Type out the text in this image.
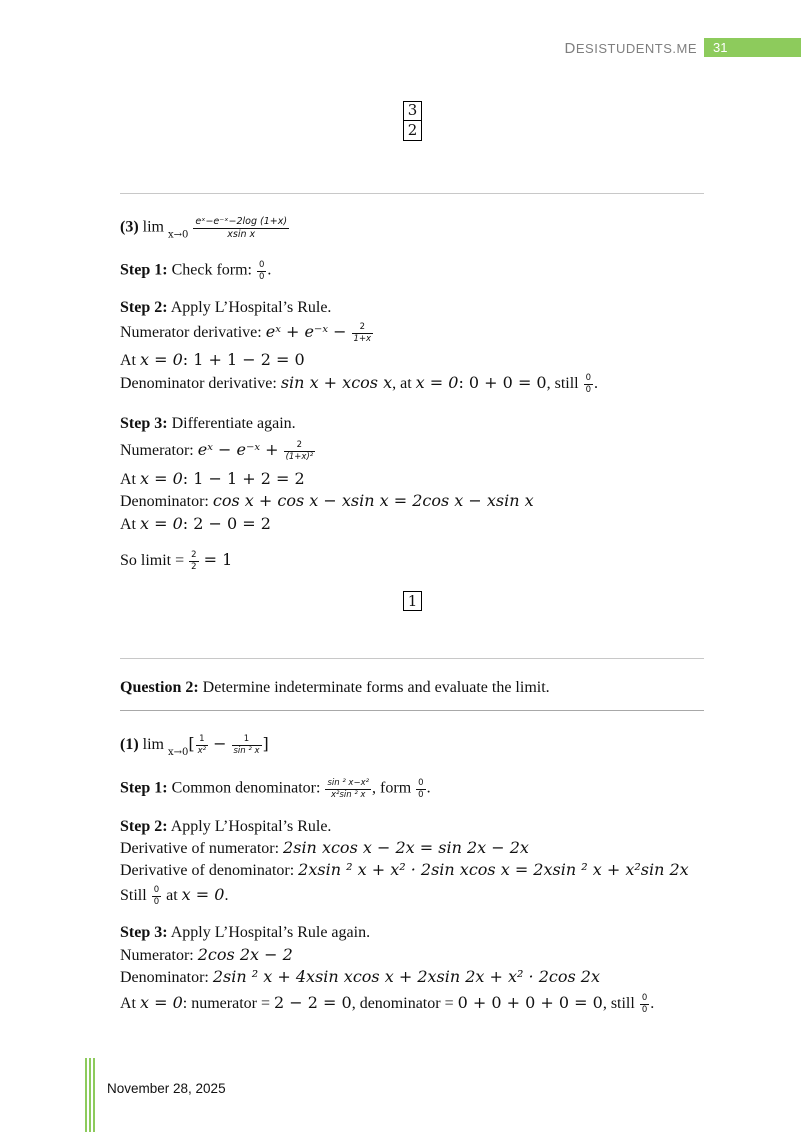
DESISTUDENTS.ME	31
$\frac{3}{2}$
(3) $\lim _{x\to 0} \frac{\text{eˣ−e⁻ˣ−2log (1+x)}}{\text{xsin x}}$
Step 1: Check form: $\frac{0}{0}$ .
Step 2: Apply L’Hospital’s Rule.
Numerator derivative: eˣ + e⁻ˣ − $\frac{2}{1+x}$
At x = 0: 1 + 1 − 2 = 0
Denominator derivative: sin x + xcos x, at x = 0: 0 + 0 = 0, still $\frac{0}{0}$ .
Step 3: Differentiate again.
Numerator: eˣ − e⁻ˣ + $\frac{2}{\text{(1+x)²}}$
At x = 0: 1 − 1 + 2 = 2
Denominator: cos x + cos x − xsin x = 2cos x − xsin x
At x = 0: 2 − 0 = 2
So limit = $\frac{2}{2} = 1$
1
Question 2: Determine indeterminate forms and evaluate the limit.
(1) $\lim _{x\to 0}[ \frac{1}{\text{x²}} - \frac{1}{\text{sin ² x}}$ ]
Step 1: Common denominator: $\frac{\text{sin ² x−x²}}{\text{x²sin ² x}}$ , form $\frac{0}{0}$ .
Step 2: Apply L’Hospital’s Rule.
Derivative of numerator: 2sin xcos x − 2x = sin 2x − 2x
Derivative of denominator: 2xsin ² x + x² · 2sin xcos x = 2xsin ² x + x²sin 2x
Still $\frac{0}{0}$ at x = 0.
Step 3: Apply L’Hospital’s Rule again.
Numerator: 2cos 2x − 2
Denominator: 2sin ² x + 4xsin xcos x + 2xsin 2x + x² · 2cos 2x
At x = 0: numerator = 2 − 2 = 0, denominator = 0 + 0 + 0 + 0 = 0, still $\frac{0}{0}$ .
November 28, 2025
